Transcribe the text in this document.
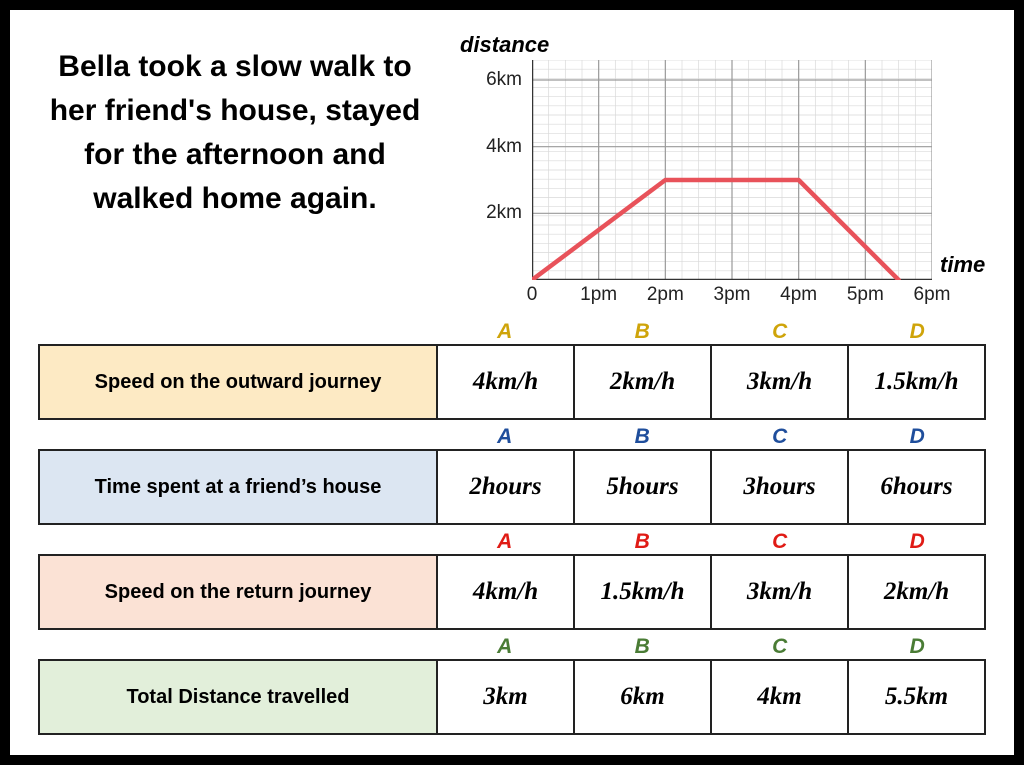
Bella took a slow walk to her friend's house, stayed for the afternoon and walked home again.
distance
time
2km
4km
6km
0	1pm	2pm	3pm	4pm	5pm	6pm
A	B	C	D
Speed on the outward journey	4km/h	2km/h	3km/h	1.5km/h
A	B	C	D
Time spent at a friend’s house	2hours	5hours	3hours	6hours
A	B	C	D
Speed on the return journey	4km/h	1.5km/h	3km/h	2km/h
A	B	C	D
Total Distance travelled	3km	6km	4km	5.5km
